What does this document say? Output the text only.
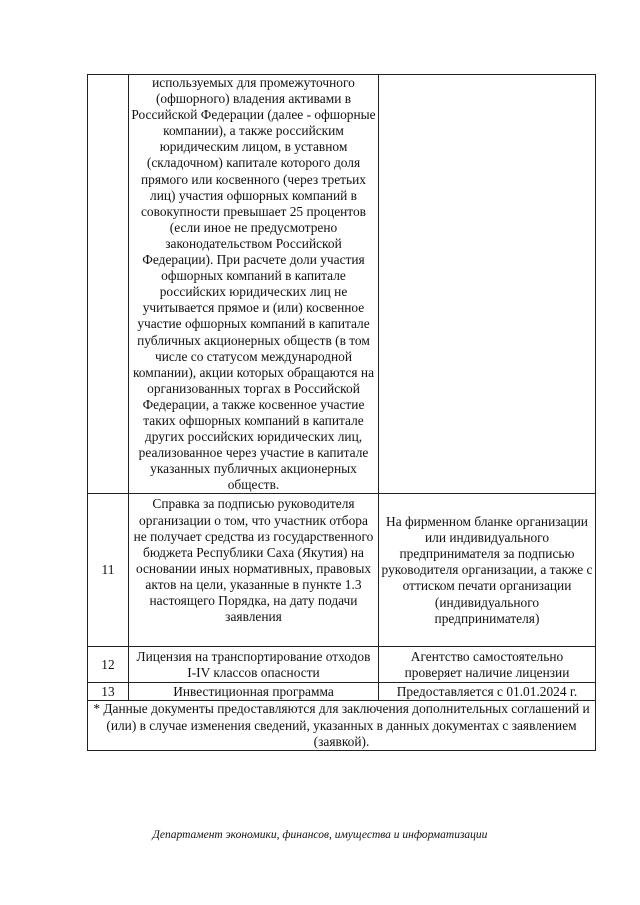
	используемых для промежуточного (офшорного) владения активами в Российской Федерации (далее - офшорные компании), а также российским юридическим лицом, в уставном (складочном) капитале которого доля прямого или косвенного (через третьих лиц) участия офшорных компаний в совокупности превышает 25 процентов (если иное не предусмотрено законодательством Российской Федерации). При расчете доли участия офшорных компаний в капитале российских юридических лиц не учитывается прямое и (или) косвенное участие офшорных компаний в капитале публичных акционерных обществ (в том числе со статусом международной компании), акции которых обращаются на организованных торгах в Российской Федерации, а также косвенное участие таких офшорных компаний в капитале других российских юридических лиц, реализованное через участие в капитале указанных публичных акционерных обществ.	
11	Справка за подписью руководителя организации о том, что участник отбора не получает средства из государственного бюджета Республики Саха (Якутия) на основании иных нормативных, правовых актов на цели, указанные в пункте 1.3 настоящего Порядка, на дату подачи заявления	На фирменном бланке организации или индивидуального предпринимателя за подписью руководителя организации, а также с оттиском печати организации (индивидуального предпринимателя)
12	Лицензия на транспортирование отходов I-IV классов опасности	Агентство самостоятельно проверяет наличие лицензии
13	Инвестиционная программа	Предоставляется с 01.01.2024 г.
* Данные документы предоставляются для заключения дополнительных соглашений и (или) в случае изменения сведений, указанных в данных документах с заявлением (заявкой).		
Департамент экономики, финансов, имущества и информатизации
